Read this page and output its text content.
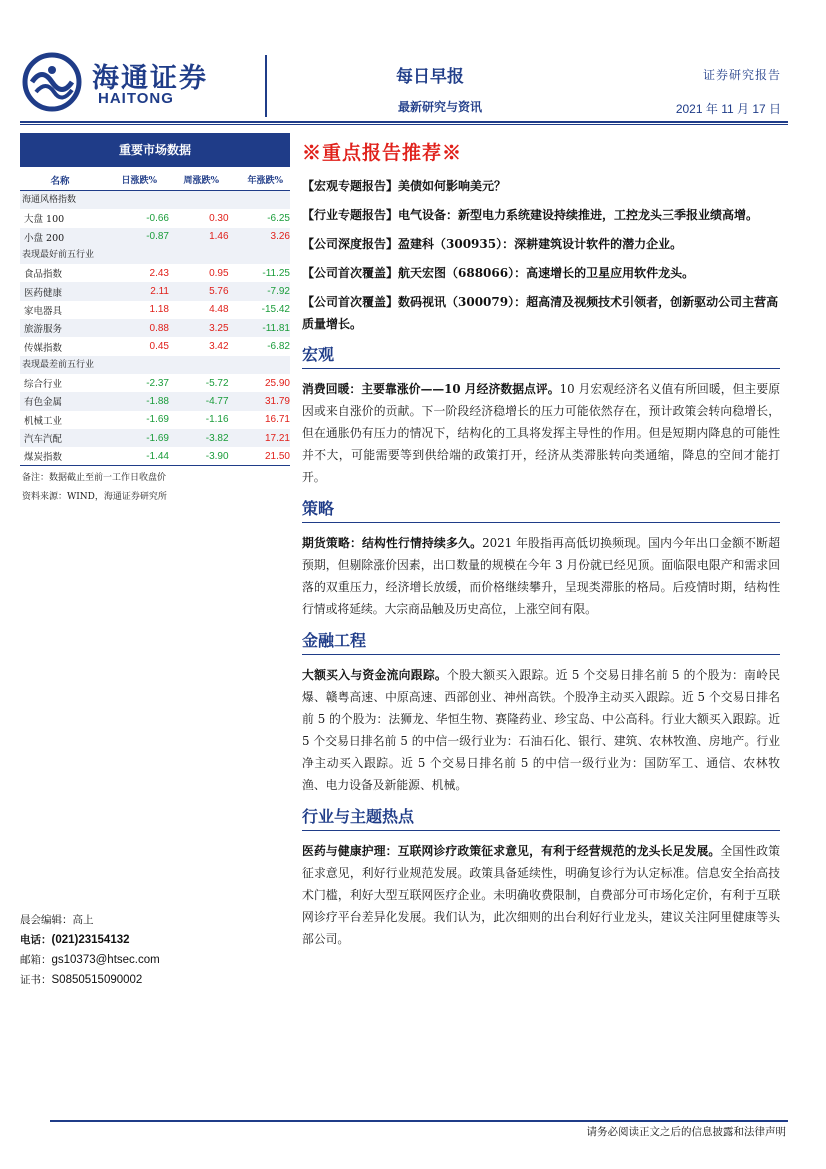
海通证券
HAITONG
每日早报
最新研究与资讯
证券研究报告
2021 年 11 月 17 日
重要市场数据
名称	日涨跌%	周涨跌%	年涨跌%
海通风格指数
大盘 100	-0.66	0.30	-6.25
小盘 200	-0.87	1.46	3.26
表现最好前五行业
食品指数	2.43	0.95	-11.25
医药健康	2.11	5.76	-7.92
家电器具	1.18	4.48	-15.42
旅游服务	0.88	3.25	-11.81
传媒指数	0.45	3.42	-6.82
表现最差前五行业
综合行业	-2.37	-5.72	25.90
有色金属	-1.88	-4.77	31.79
机械工业	-1.69	-1.16	16.71
汽车汽配	-1.69	-3.82	17.21
煤炭指数	-1.44	-3.90	21.50
备注：数据截止至前一工作日收盘价
资料来源：WIND，海通证券研究所
晨会编辑：高上
电话：(021)23154132
邮箱：gs10373@htsec.com
证书：S0850515090002
※重点报告推荐※
【宏观专题报告】美债如何影响美元？
【行业专题报告】电气设备：新型电力系统建设持续推进，工控龙头三季报业绩高增。
【公司深度报告】盈建科（300935）：深耕建筑设计软件的潜力企业。
【公司首次覆盖】航天宏图（688066）：高速增长的卫星应用软件龙头。
【公司首次覆盖】数码视讯（300079）：超高清及视频技术引领者，创新驱动公司主营高质量增长。
宏观
消费回暖：主要靠涨价——10 月经济数据点评。10 月宏观经济名义值有所回暖，但主要原因或来自涨价的贡献。下一阶段经济稳增长的压力可能依然存在，预计政策会转向稳增长，但在通胀仍有压力的情况下，结构化的工具将发挥主导性的作用。但是短期内降息的可能性并不大，可能需要等到供给端的政策打开，经济从类滞胀转向类通缩，降息的空间才能打开。
策略
期货策略：结构性行情持续多久。2021 年股指再高低切换频现。国内今年出口金额不断超预期，但剔除涨价因素，出口数量的规模在今年 3 月份就已经见顶。面临限电限产和需求回落的双重压力，经济增长放缓，而价格继续攀升，呈现类滞胀的格局。后疫情时期，结构性行情或将延续。大宗商品触及历史高位，上涨空间有限。
金融工程
大额买入与资金流向跟踪。个股大额买入跟踪。近 5 个交易日排名前 5 的个股为：南岭民爆、赣粤高速、中原高速、西部创业、神州高铁。个股净主动买入跟踪。近 5 个交易日排名前 5 的个股为：法狮龙、华恒生物、赛隆药业、珍宝岛、中公高科。行业大额买入跟踪。近 5 个交易日排名前 5 的中信一级行业为：石油石化、银行、建筑、农林牧渔、房地产。行业净主动买入跟踪。近 5 个交易日排名前 5 的中信一级行业为：国防军工、通信、农林牧渔、电力设备及新能源、机械。
行业与主题热点
医药与健康护理：互联网诊疗政策征求意见，有利于经营规范的龙头长足发展。全国性政策征求意见，利好行业规范发展。政策具备延续性，明确复诊行为认定标准。信息安全抬高技术门槛，利好大型互联网医疗企业。未明确收费限制，自费部分可市场化定价，有利于互联网诊疗平台差异化发展。我们认为，此次细则的出台利好行业龙头，建议关注阿里健康等头部公司。
请务必阅读正文之后的信息披露和法律声明
